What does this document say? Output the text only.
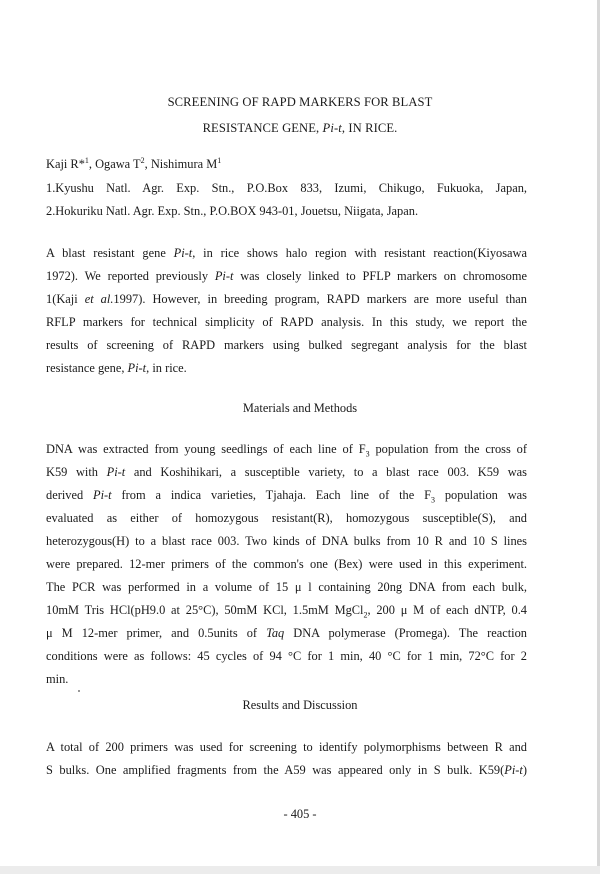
SCREENING OF RAPD MARKERS FOR BLAST
RESISTANCE GENE, Pi-t, IN RICE.
Kaji R*$^1$, Ogawa $T^2$, Nishimura $M^1$
1.Kyushu Natl. Agr. Exp. Stn., P.O.Box 833, Izumi, Chikugo, Fukuoka, Japan,
2.Hokuriku Natl. Agr. Exp. Stn., P.O.BOX 943-01, Jouetsu, Niigata, Japan.
A blast resistant gene Pi-t, in rice shows halo region with resistant reaction(Kiyosawa
1972). We reported previously Pi-t was closely linked to PFLP markers on chromosome
1(Kaji et al.1997). However, in breeding program, RAPD markers are more useful than
RFLP markers for technical simplicity of RAPD analysis. In this study, we report the
results of screening of RAPD markers using bulked segregant analysis for the blast
resistance gene, Pi-t, in rice.
Materials and Methods
DNA was extracted from young seedlings of each line of $F_3$ population from the cross of
K59 with Pi-t and Koshihikari, a susceptible variety, to a blast race 003. K59 was
derived Pi-t from a indica varieties, Tjahaja. Each line of the $F_3$ population was
evaluated as either of homozygous resistant(R), homozygous susceptible(S), and
heterozygous(H) to a blast race 003. Two kinds of DNA bulks from 10 R and 10 S lines
were prepared. 12-mer primers of the common's one (Bex) were used in this experiment.
The PCR was performed in a volume of 15 μ l containing 20ng DNA from each bulk,
10mM Tris HCl(pH9.0 at 25°C), 50mM KCl, 1.5mM MgCl$_2$, 200 μ M of each dNTP, 0.4
μ M 12-mer primer, and 0.5units of Taq DNA polymerase (Promega). The reaction
conditions were as follows: 45 cycles of 94 °C for 1 min, 40 °C for 1 min, 72°C for 2
min.
Results and Discussion
A total of 200 primers was used for screening to identify polymorphisms between R and
S bulks. One amplified fragments from the A59 was appeared only in S bulk. K59(Pi-t)
- 405 -
